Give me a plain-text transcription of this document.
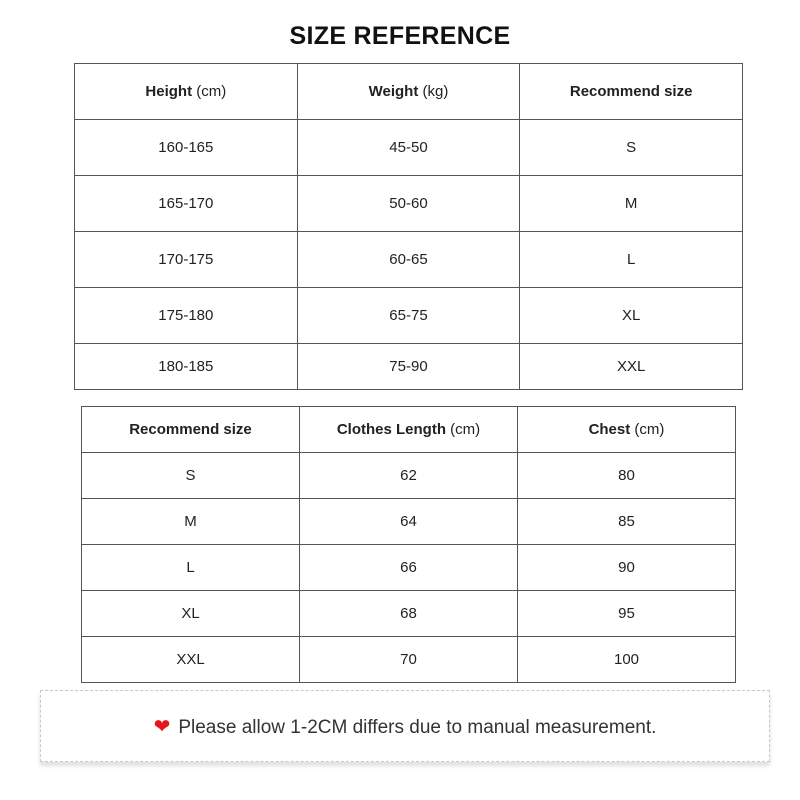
SIZE REFERENCE
Height (cm)	Weight (kg)	Recommend size
160-165	45-50	S
165-170	50-60	M
170-175	60-65	L
175-180	65-75	XL
180-185	75-90	XXL
Recommend size	Clothes Length (cm)	Chest (cm)
S	62	80
M	64	85
L	66	90
XL	68	95
XXL	70	100
❤ Please allow 1-2CM differs due to manual measurement.
